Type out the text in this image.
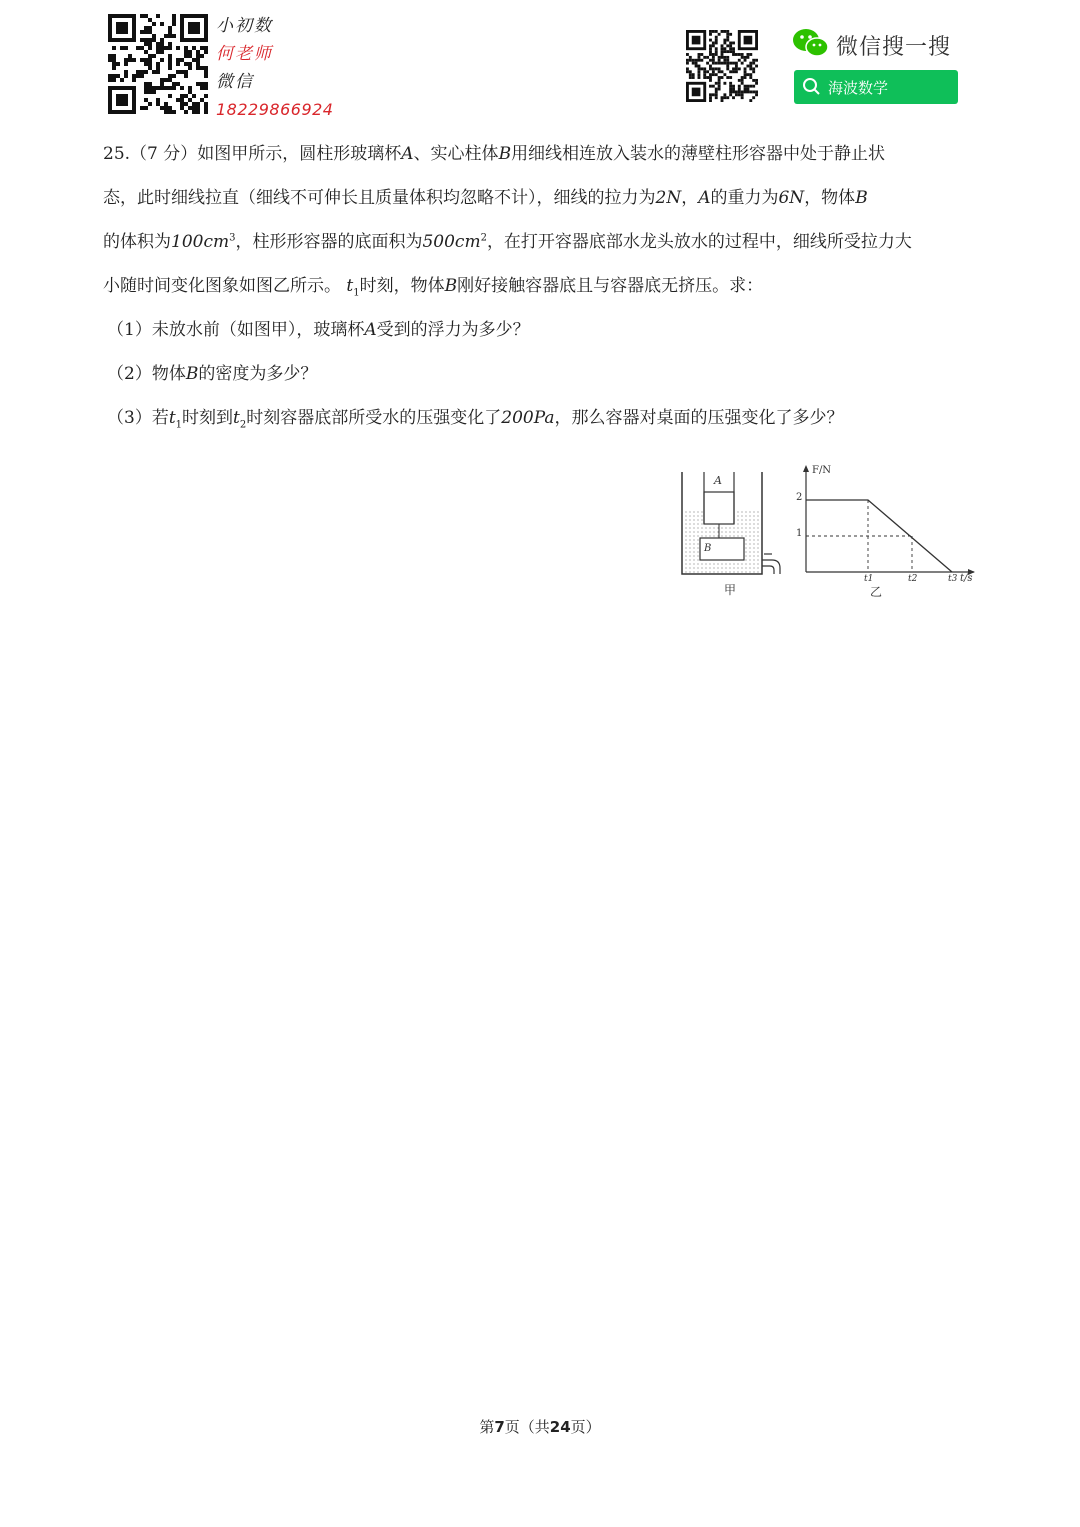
小初数
何老师
微信
18229866924
微信搜一搜
海波数学

25.（7 分）如图甲所示，圆柱形玻璃杯A、实心柱体B用细线相连放入装水的薄壁柱形容器中处于静止状
态，此时细线拉直（细线不可伸长且质量体积均忽略不计），细线的拉力为2N，A的重力为6N，物体B
的体积为$100cm^3$，柱形形容器的底面积为$500cm^2$，在打开容器底部水龙头放水的过程中，细线所受拉力大
小随时间变化图象如图乙所示。 $t_1$时刻，物体B刚好接触容器底且与容器底无挤压。求：

（1）未放水前（如图甲），玻璃杯A受到的浮力为多少？

（2）物体B的密度为多少？

（3）若$t_1$时刻到$t_2$时刻容器底部所受水的压强变化了200Pa，那么容器对桌面的压强变化了多少？

A
B
甲
F/N
t/s
2
1
t1	t2	t3
乙
第7页（共24页）
